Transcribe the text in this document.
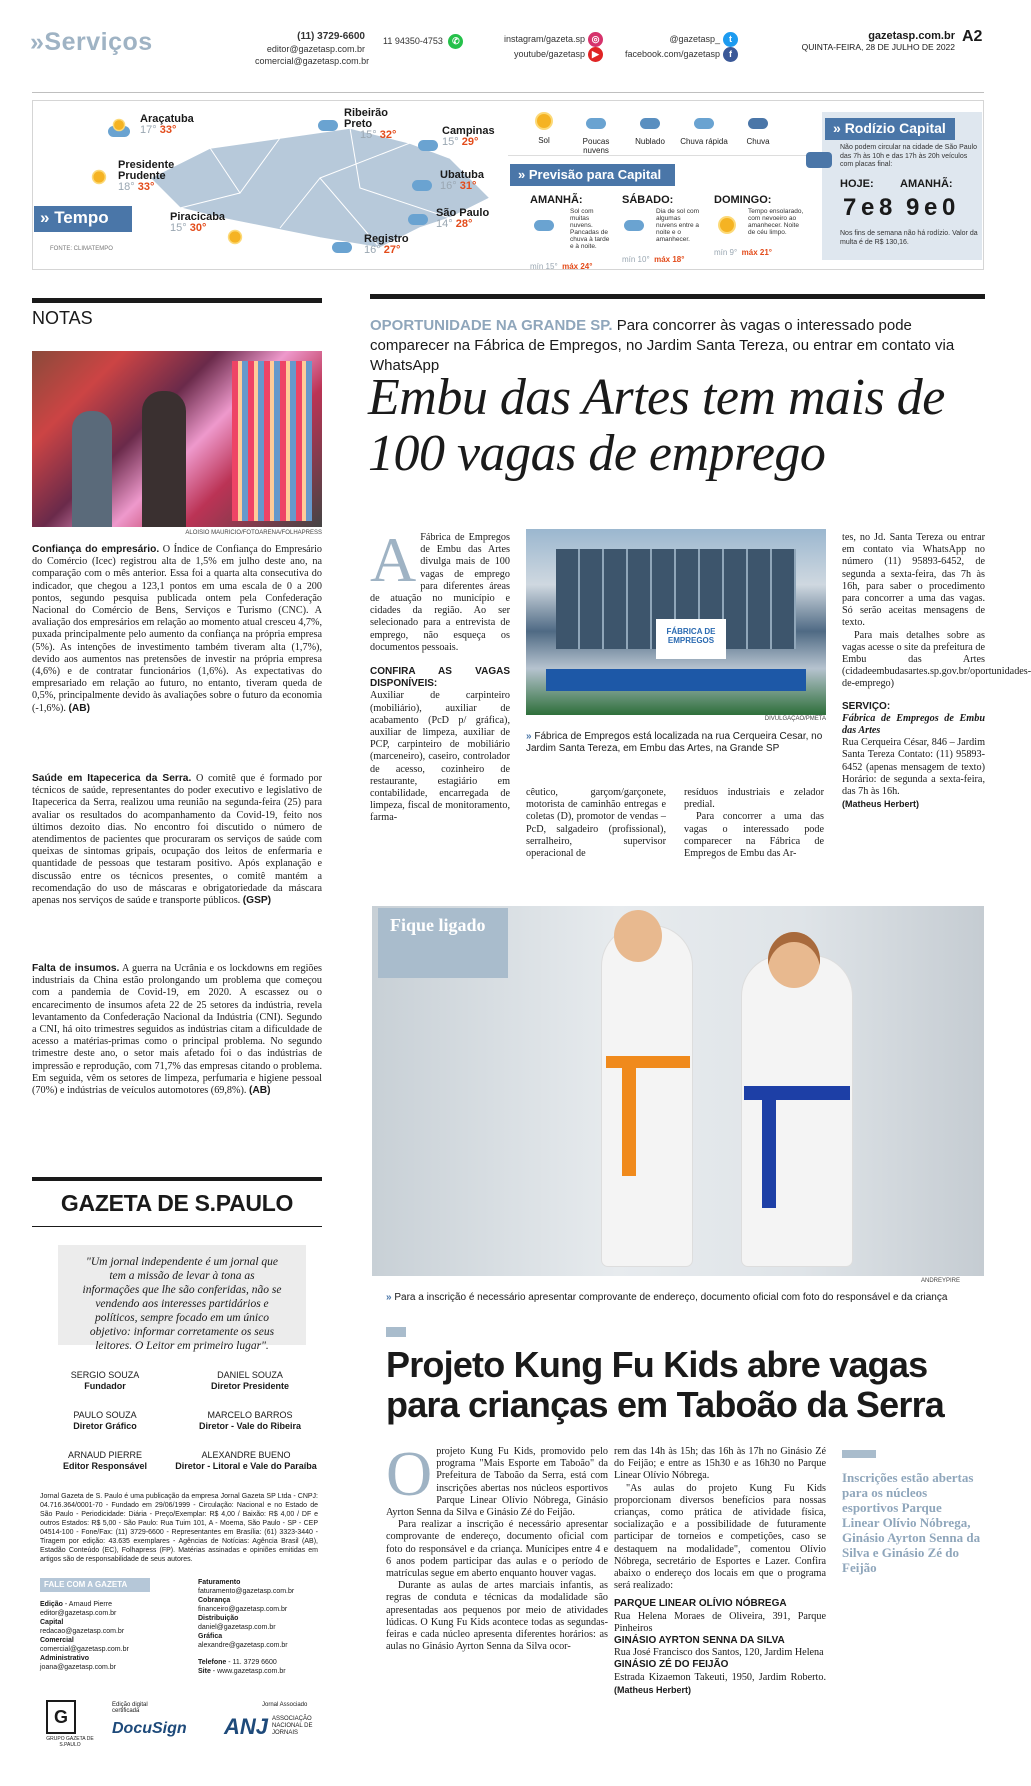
»Serviços	(11) 3729-6600
editor@gazetasp.com.br
comercial@gazetasp.com.br
11 94350-4753 ✆	instagram/gazeta.sp ◎
youtube/gazetasp ▶
@gazetasp_ t
facebook.com/gazetasp f
gazetasp.com.br
QUINTA-FEIRA, 28 DE JULHO DE 2022
A2
Araçatuba
17° 33°
Presidente Prudente
18° 33°
Ribeirão Preto
15° 32°	Campinas
15° 29°
Ubatuba
16° 31°
São Paulo
14° 28°
Piracicaba
15° 30°
Registro
16° 27°
» Tempo
FONTE: CLIMATEMPO
Sol	Poucas nuvens
Nublado	Chuva rápida	Chuva
» Previsão para Capital
AMANHÃ:
Sol com muitas nuvens. Pancadas de chuva à tarde e à noite.
mín 15° máx 24°
SÁBADO:
Dia de sol com algumas nuvens entre a noite e o amanhecer.
mín 10° máx 18°
DOMINGO:
Tempo ensolarado, com nevoeiro ao amanhecer. Noite de céu limpo.
mín 9° máx 21°
» Rodízio Capital
Não podem circular na cidade de São Paulo das 7h às 10h e das 17h às 20h veículos com placas final:
HOJE: AMANHÃ:
7 e 8 9 e 0
Nos fins de semana não há rodízio. Valor da multa é de R$ 130,16.
NOTAS
ALOISIO MAURICIO/FOTOARENA/FOLHAPRESS
Confiança do empresário. O Índice de Confiança do Empresário do Comércio (Icec) registrou alta de 1,5% em julho deste ano, na comparação com o mês anterior. Essa foi a quarta alta consecutiva do indicador, que chegou a 123,1 pontos em uma escala de 0 a 200 pontos, segundo pesquisa publicada ontem pela Confederação Nacional do Comércio de Bens, Serviços e Turismo (CNC). A avaliação dos empresários em relação ao momento atual cresceu 4,7%, puxada principalmente pelo aumento da confiança na própria empresa (5%). As intenções de investimento também tiveram alta (1,7%), devido aos aumentos nas pretensões de investir na própria empresa (4,6%) e de contratar funcionários (1,6%). As expectativas do empresariado em relação ao futuro, no entanto, tiveram queda de 0,5%, principalmente devido às avaliações sobre o futuro da economia (-1,6%). (AB)
Saúde em Itapecerica da Serra. O comitê que é formado por técnicos de saúde, representantes do poder executivo e legislativo de Itapecerica da Serra, realizou uma reunião na segunda-feira (25) para avaliar os resultados do acompanhamento da Covid-19, feito nos últimos dezoito dias. No encontro foi discutido o número de atendimentos de pacientes que procuraram os serviços de saúde com queixas de sintomas gripais, ocupação dos leitos de enfermaria e quantidade de pessoas que testaram positivo. Após explanação e discussão entre os técnicos presentes, o comitê mantém a recomendação do uso de máscaras e obrigatoriedade da máscara apenas nos serviços de saúde e transporte públicos. (GSP)
Falta de insumos. A guerra na Ucrânia e os lockdowns em regiões industriais da China estão prolongando um problema que começou com a pandemia de Covid-19, em 2020. A escassez ou o encarecimento de insumos afeta 22 de 25 setores da indústria, revela levantamento da Confederação Nacional da Indústria (CNI). Segundo a CNI, há oito trimestres seguidos as indústrias citam a dificuldade de acesso a matérias-primas como o principal problema. No segundo trimestre deste ano, o setor mais afetado foi o das indústrias de impressão e reprodução, com 71,7% das empresas citando o problema. Em seguida, vêm os setores de limpeza, perfumaria e higiene pessoal (70%) e indústrias de veículos automotores (69,8%). (AB)
GAZETA DE S.PAULO
"Um jornal independente é um jornal que tem a missão de levar à tona as informações que lhe são conferidas, não se vendendo aos interesses partidários e políticos, sempre focado em um único objetivo: informar corretamente os seus leitores. O Leitor em primeiro lugar".
SERGIO SOUZA
Fundador
DANIEL SOUZA
Diretor Presidente
PAULO SOUZA
Diretor Gráfico
MARCELO BARROS
Diretor - Vale do Ribeira
ARNAUD PIERRE
Editor Responsável
ALEXANDRE BUENO
Diretor - Litoral e Vale do Paraíba
Jornal Gazeta de S. Paulo é uma publicação da empresa Jornal Gazeta SP Ltda - CNPJ: 04.716.364/0001-70 - Fundado em 29/06/1999 - Circulação: Nacional e no Estado de São Paulo - Periodicidade: Diária - Preço/Exemplar: R$ 4,00 / Baixão: R$ 4,00 / DF e outros Estados: R$ 5,00 - São Paulo: Rua Tuim 101, A - Moema, São Paulo - SP - CEP 04514-100 - Fone/Fax: (11) 3729-6600 - Representantes em Brasília: (61) 3323-3440 - Tiragem por edição: 43.635 exemplares - Agências de Notícias: Agência Brasil (AB), Estadão Conteúdo (EC), Folhapress (FP). Matérias assinadas e opiniões emitidas em artigos são de responsabilidade de seus autores.
FALE COM A GAZETA
Edição - Arnaud Pierre
editor@gazetasp.com.br
Capital
redacao@gazetasp.com.br
Comercial
comercial@gazetasp.com.br
Administrativo
joana@gazetasp.com.br
Faturamento
faturamento@gazetasp.com.br
Cobrança
financeiro@gazetasp.com.br
Distribuição
daniel@gazetasp.com.br
Gráfica
alexandre@gazetasp.com.br
Telefone - 11. 3729 6600
Site - www.gazetasp.com.br
G
GRUPO GAZETA DE S.PAULO
Edição digital certificada
DocuSign
Jornal Associado
ANJ ASSOCIAÇÃO NACIONAL DE JORNAIS
OPORTUNIDADE NA GRANDE SP. Para concorrer às vagas o interessado pode comparecer na Fábrica de Empregos, no Jardim Santa Tereza, ou entrar em contato via WhatsApp
Embu das Artes tem mais de 100 vagas de emprego
A Fábrica de Empregos de Embu das Artes divulga mais de 100 vagas de emprego para diferentes áreas de atuação no município e cidades da região. Ao ser selecionado para a entrevista de emprego, não esqueça os documentos pessoais.
CONFIRA AS VAGAS DISPONÍVEIS:
Auxiliar de carpinteiro (mobiliário), auxiliar de acabamento (PcD p/ gráfica), auxiliar de limpeza, auxiliar de PCP, carpinteiro de mobiliário (marceneiro), caseiro, controlador de acesso, cozinheiro de restaurante, estagiário em contabilidade, encarregada de limpeza, fiscal de monitoramento, farma-
FÁBRICA DE EMPREGOS
DIVULGAÇÃO/PMETA
» Fábrica de Empregos está localizada na rua Cerqueira Cesar, no Jardim Santa Tereza, em Embu das Artes, na Grande SP
cêutico, garçom/garçonete, motorista de caminhão entregas e coletas (D), promotor de vendas – PcD, salgadeiro (profissional), serralheiro, supervisor operacional de
resíduos industriais e zelador predial.
Para concorrer a uma das vagas o interessado pode comparecer na Fábrica de Empregos de Embu das Ar-
tes, no Jd. Santa Tereza ou entrar em contato via WhatsApp no número (11) 95893-6452, de segunda a sexta-feira, das 7h às 16h, para saber o procedimento para concorrer a uma das vagas. Só serão aceitas mensagens de texto.
Para mais detalhes sobre as vagas acesse o site da prefeitura de Embu das Artes (cidadeembudasartes.sp.gov.br/oportunidades-de-emprego)
SERVIÇO:
Fábrica de Empregos de Embu das Artes
Rua Cerqueira César, 846 – Jardim Santa Tereza Contato: (11) 95893-6452 (apenas mensagem de texto) Horário: de segunda a sexta-feira, das 7h às 16h.
(Matheus Herbert)
Fique ligado
ANDREYPIRE
» Para a inscrição é necessário apresentar comprovante de endereço, documento oficial com foto do responsável e da criança
Projeto Kung Fu Kids abre vagas para crianças em Taboão da Serra
Oprojeto Kung Fu Kids, promovido pelo programa "Mais Esporte em Taboão" da Prefeitura de Taboão da Serra, está com inscrições abertas nos núcleos esportivos Parque Linear Olívio Nóbrega, Ginásio Ayrton Senna da Silva e Ginásio Zé do Feijão.
Para realizar a inscrição é necessário apresentar comprovante de endereço, documento oficial com foto do responsável e da criança. Munícipes entre 4 e 6 anos podem participar das aulas e o período de matrículas segue em aberto enquanto houver vagas.
Durante as aulas de artes marciais infantis, as regras de conduta e técnicas da modalidade são apresentadas aos pequenos por meio de atividades lúdicas. O Kung Fu Kids acontece todas as segundas-feiras e cada núcleo apresenta diferentes horários: as aulas no Ginásio Ayrton Senna da Silva ocor-
rem das 14h às 15h; das 16h às 17h no Ginásio Zé do Feijão; e entre as 15h30 e as 16h30 no Parque Linear Olívio Nóbrega.
"As aulas do projeto Kung Fu Kids proporcionam diversos benefícios para nossas crianças, como prática de atividade física, socialização e a possibilidade de futuramente participar de torneios e competições, caso se destaquem na modalidade", comentou Olívio Nóbrega, secretário de Esportes e Lazer. Confira abaixo o endereço dos locais em que o programa será realizado:
PARQUE LINEAR OLÍVIO NÓBREGA
Rua Helena Moraes de Oliveira, 391, Parque Pinheiros
GINÁSIO AYRTON SENNA DA SILVA
Rua José Francisco dos Santos, 120, Jardim Helena
GINÁSIO ZÉ DO FEIJÃO
Estrada Kizaemon Takeuti, 1950, Jardim Roberto. (Matheus Herbert)
Inscrições estão abertas para os núcleos esportivos Parque Linear Olívio Nóbrega, Ginásio Ayrton Senna da Silva e Ginásio Zé do Feijão
